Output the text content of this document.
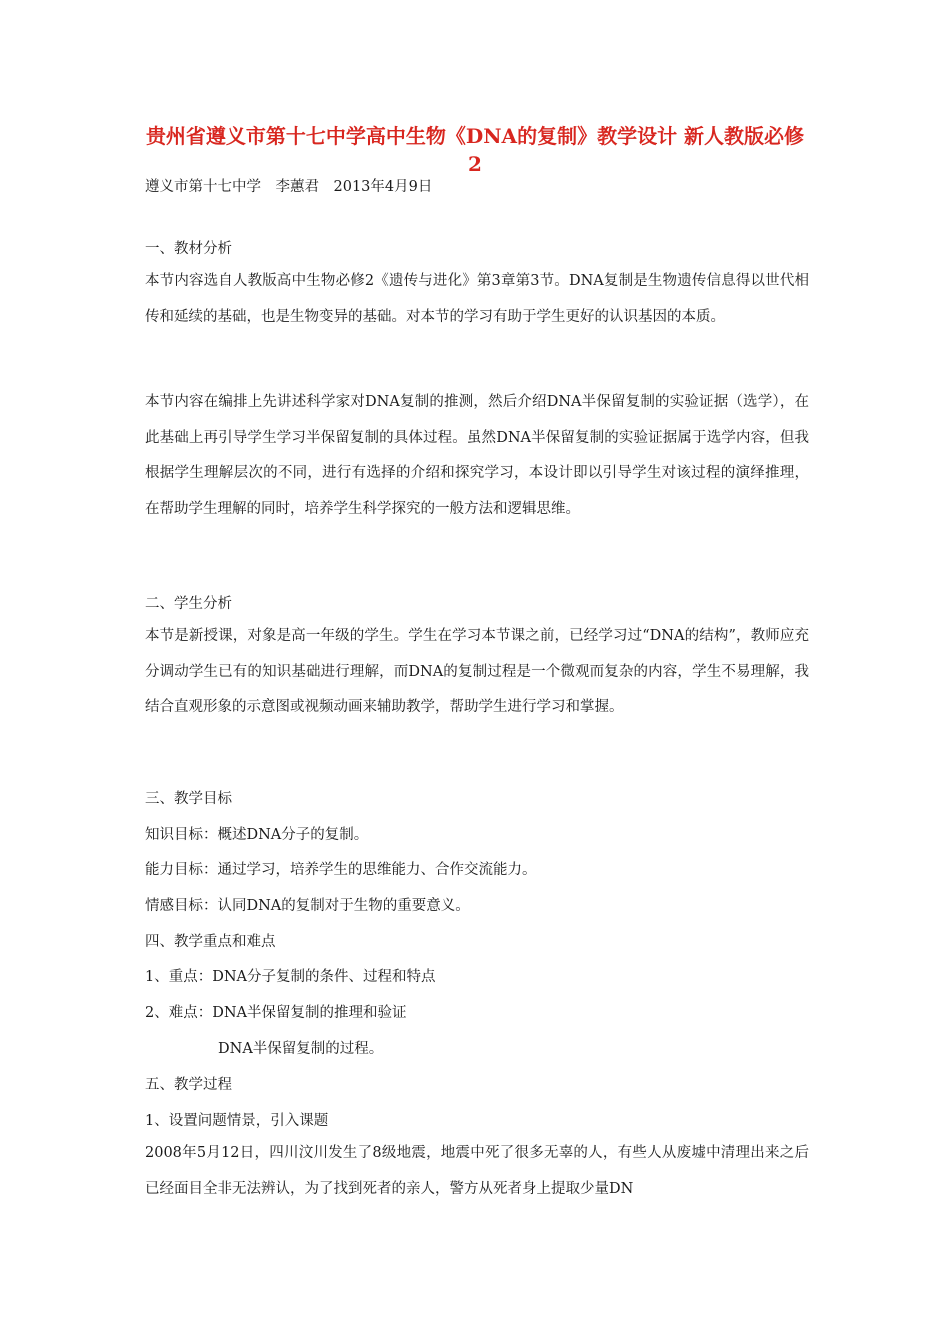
贵州省遵义市第十七中学高中生物《DNA的复制》教学设计 新人教版必修2
遵义市第十七中学　李蕙君　2013年4月9日
一、教材分析

本节内容选自人教版高中生物必修2《遗传与进化》第3章第3节。DNA复制是生物遗传信息得以世代相传和延续的基础，也是生物变异的基础。对本节的学习有助于学生更好的认识基因的本质。

本节内容在编排上先讲述科学家对DNA复制的推测，然后介绍DNA半保留复制的实验证据（选学），在此基础上再引导学生学习半保留复制的具体过程。虽然DNA半保留复制的实验证据属于选学内容，但我根据学生理解层次的不同，进行有选择的介绍和探究学习，本设计即以引导学生对该过程的演绎推理，在帮助学生理解的同时，培养学生科学探究的一般方法和逻辑思维。

二、学生分析

本节是新授课，对象是高一年级的学生。学生在学习本节课之前，已经学习过“DNA的结构”，教师应充分调动学生已有的知识基础进行理解，而DNA的复制过程是一个微观而复杂的内容，学生不易理解，我结合直观形象的示意图或视频动画来辅助教学，帮助学生进行学习和掌握。

三、教学目标
知识目标：概述DNA分子的复制。
能力目标：通过学习，培养学生的思维能力、合作交流能力。
情感目标：认同DNA的复制对于生物的重要意义。
四、教学重点和难点
1、重点：DNA分子复制的条件、过程和特点
2、难点：DNA半保留复制的推理和验证
DNA半保留复制的过程。
五、教学过程
1、设置问题情景，引入课题

2008年5月12日，四川汶川发生了8级地震，地震中死了很多无辜的人，有些人从废墟中清理出来之后已经面目全非无法辨认，为了找到死者的亲人，警方从死者身上提取少量DN
